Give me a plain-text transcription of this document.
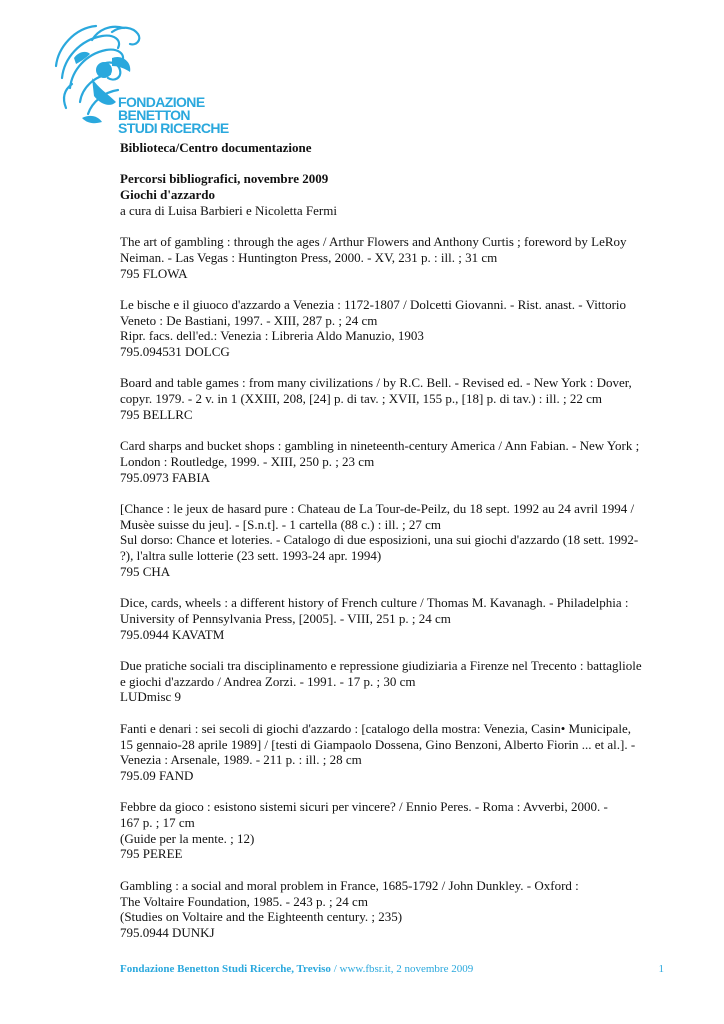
FONDAZIONE
BENETTON
STUDI RICERCHE

Biblioteca/Centro documentazione

Percorsi bibliografici, novembre 2009

Giochi d'azzardo

a cura di Luisa Barbieri e Nicoletta Fermi

The art of gambling : through the ages / Arthur Flowers and Anthony Curtis ; foreword by LeRoy

Neiman. - Las Vegas : Huntington Press, 2000. - XV, 231 p. : ill. ; 31 cm

795 FLOWA

Le bische e il giuoco d'azzardo a Venezia : 1172-1807 / Dolcetti Giovanni. - Rist. anast. - Vittorio

Veneto : De Bastiani, 1997. - XIII, 287 p. ; 24 cm

Ripr. facs. dell'ed.: Venezia : Libreria Aldo Manuzio, 1903

795.094531 DOLCG

Board and table games : from many civilizations / by R.C. Bell. - Revised ed. - New York : Dover,

copyr. 1979. - 2 v. in 1 (XXIII, 208, [24] p. di tav. ; XVII, 155 p., [18] p. di tav.) : ill. ; 22 cm

795 BELLRC

Card sharps and bucket shops : gambling in nineteenth-century America / Ann Fabian. - New York ;

London : Routledge, 1999. - XIII, 250 p. ; 23 cm

795.0973 FABIA

[Chance : le jeux de hasard pure : Chateau de La Tour-de-Peilz, du 18 sept. 1992 au 24 avril 1994 /

Musèe suisse du jeu]. - [S.n.t]. - 1 cartella (88 c.) : ill. ; 27 cm

Sul dorso: Chance et loteries. - Catalogo di due esposizioni, una sui giochi d'azzardo (18 sett. 1992-

?), l'altra sulle lotterie (23 sett. 1993-24 apr. 1994)

795 CHA

Dice, cards, wheels : a different history of French culture / Thomas M. Kavanagh. - Philadelphia :

University of Pennsylvania Press, [2005]. - VIII, 251 p. ; 24 cm

795.0944 KAVATM

Due pratiche sociali tra disciplinamento e repressione giudiziaria a Firenze nel Trecento : battagliole

e giochi d'azzardo / Andrea Zorzi. - 1991. - 17 p. ; 30 cm

LUDmisc 9

Fanti e denari : sei secoli di giochi d'azzardo : [catalogo della mostra: Venezia, Casin• Municipale,

15 gennaio-28 aprile 1989] / [testi di Giampaolo Dossena, Gino Benzoni, Alberto Fiorin ... et al.]. -

Venezia : Arsenale, 1989. - 211 p. : ill. ; 28 cm

795.09 FAND

Febbre da gioco : esistono sistemi sicuri per vincere? / Ennio Peres. - Roma : Avverbi, 2000. -

167 p. ; 17 cm

(Guide per la mente. ; 12)

795 PEREE

Gambling : a social and moral problem in France, 1685-1792 / John Dunkley. - Oxford :

The Voltaire Foundation, 1985. - 243 p. ; 24 cm

(Studies on Voltaire and the Eighteenth century. ; 235)

795.0944 DUNKJ

Fondazione Benetton Studi Ricerche, Treviso / www.fbsr.it, 2 novembre 2009	1
